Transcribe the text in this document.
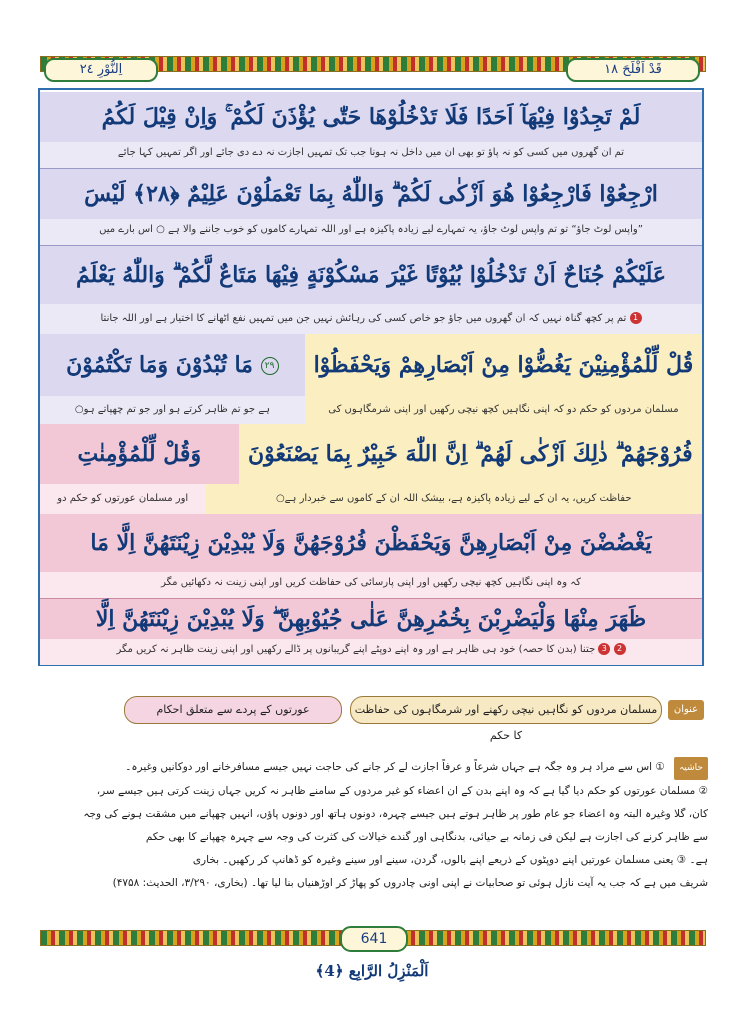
اِلنُّوْرِ ٢٤	قَدْ اَفْلَحَ ١٨
لَمْ تَجِدُوْا فِيْهَآ اَحَدًا فَلَا تَدْخُلُوْهَا حَتّٰى يُؤْذَنَ لَكُمْ ۚ وَاِنْ قِيْلَ لَكُمُ
تم ان گھروں میں کسی کو نہ پاؤ تو بھی ان میں داخل نہ ہونا جب تک تمہیں اجازت نہ دے دی جائے اور اگر تمہیں کہا جائے
ارْجِعُوْا فَارْجِعُوْا هُوَ اَزْكٰى لَكُمْ ۗ وَاللّٰهُ بِمَا تَعْمَلُوْنَ عَلِيْمٌ ﴿٢٨﴾ لَيْسَ
”واپس لوٹ جاؤ“ تو تم واپس لوٹ جاؤ، یہ تمہارے لیے زیادہ پاکیزہ ہے اور اللہ تمہارے کاموں کو خوب جاننے والا ہے ○ اس بارے میں
عَلَيْكُمْ جُنَاحٌ اَنْ تَدْخُلُوْا بُيُوْتًا غَيْرَ مَسْكُوْنَةٍ فِيْهَا مَتَاعٌ لَّكُمْ ۗ وَاللّٰهُ يَعْلَمُ
1 تم پر کچھ گناہ نہیں کہ ان گھروں میں جاؤ جو خاص کسی کی رہائش نہیں جن میں تمہیں نفع اٹھانے کا اختیار ہے اور اللہ جانتا
قُلْ لِّلْمُؤْمِنِيْنَ يَغُضُّوْا مِنْ اَبْصَارِهِمْ وَيَحْفَظُوْا
٢٩ مَا تُبْدُوْنَ وَمَا تَكْتُمُوْنَ
مسلمان مردوں کو حکم دو کہ اپنی نگاہیں کچھ نیچی رکھیں اور اپنی شرمگاہوں کی
ہے جو تم ظاہر کرتے ہو اور جو تم چھپاتے ہو○
فُرُوْجَهُمْ ۗ ذٰلِكَ اَزْكٰى لَهُمْ ۗ اِنَّ اللّٰهَ خَبِيْرٌ بِمَا يَصْنَعُوْنَ
وَقُلْ لِّلْمُؤْمِنٰتِ
حفاظت کریں، یہ ان کے لیے زیادہ پاکیزہ ہے، بیشک اللہ ان کے کاموں سے خبردار ہے○
اور مسلمان عورتوں کو حکم دو
يَغْضُضْنَ مِنْ اَبْصَارِهِنَّ وَيَحْفَظْنَ فُرُوْجَهُنَّ وَلَا يُبْدِيْنَ زِيْنَتَهُنَّ اِلَّا مَا
کہ وہ اپنی نگاہیں کچھ نیچی رکھیں اور اپنی پارسائی کی حفاظت کریں اور اپنی زینت نہ دکھائیں مگر
ظَهَرَ مِنْهَا وَلْيَضْرِبْنَ بِخُمُرِهِنَّ عَلٰى جُيُوْبِهِنَّ ۖ وَلَا يُبْدِيْنَ زِيْنَتَهُنَّ اِلَّا
2 3 جتنا (بدن کا حصہ) خود ہی ظاہر ہے اور وہ اپنے دوپٹے اپنے گریبانوں پر ڈالے رکھیں اور اپنی زینت ظاہر نہ کریں مگر
عنوان
مسلمان مردوں کو نگاہیں نیچی رکھنے اور شرمگاہوں کی حفاظت کا حکم
عورتوں کے پردے سے متعلق احکام
حاشیہ ① اس سے مراد ہر وہ جگہ ہے جہاں شرعاً و عرفاً اجازت لے کر جانے کی حاجت نہیں جیسے مسافرخانے اور دوکانیں وغیرہ۔
② مسلمان عورتوں کو حکم دیا گیا ہے کہ وہ اپنے بدن کے ان اعضاء کو غیر مردوں کے سامنے ظاہر نہ کریں جہاں زینت کرتی ہیں جیسے سر،
کان، گلا وغیرہ البتہ وہ اعضاء جو عام طور پر ظاہر ہوتے ہیں جیسے چہرہ، دونوں ہاتھ اور دونوں پاؤں، انہیں چھپانے میں مشقت ہونے کی وجہ
سے ظاہر کرنے کی اجازت ہے لیکن فی زمانہ بے حیائی، بدنگاہی اور گندے خیالات کی کثرت کی وجہ سے چہرہ چھپانے کا بھی حکم
ہے۔ ③ یعنی مسلمان عورتیں اپنے دوپٹوں کے ذریعے اپنے بالوں، گردن، سینے اور سینے وغیرہ کو ڈھانپ کر رکھیں۔ بخاری
شریف میں ہے کہ جب یہ آیت نازل ہوئی تو صحابیات نے اپنی اونی چادروں کو پھاڑ کر اوڑھنیاں بنا لیا تھا۔ (بخاری، ۳/۲۹۰، الحدیث: ۴۷۵۸)
641
اَلْمَنْزِلُ الرَّابِع ﴿4﴾
